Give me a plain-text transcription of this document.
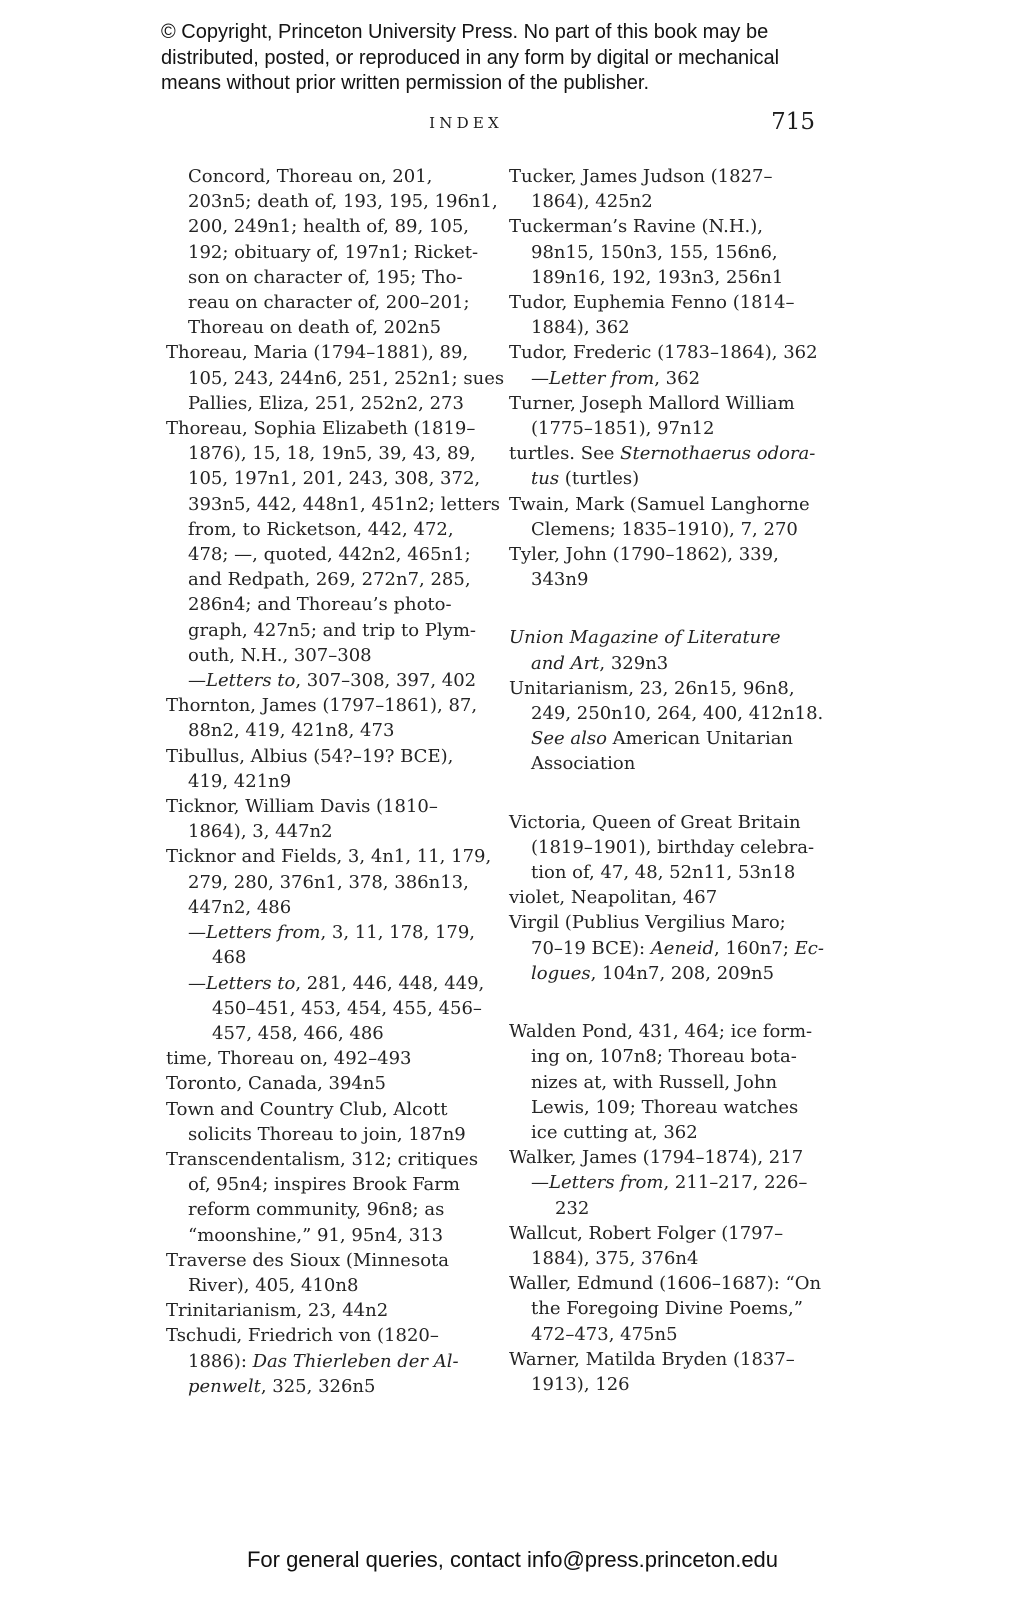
© Copyright, Princeton University Press. No part of this book may be
distributed, posted, or reproduced in any form by digital or mechanical
means without prior written permission of the publisher.
INDEX	715
Concord, Thoreau on, 201,
203n5; death of, 193, 195, 196n1,
200, 249n1; health of, 89, 105,
192; obituary of, 197n1; Ricket-
son on character of, 195; Tho-
reau on character of, 200–201;
Thoreau on death of, 202n5
Thoreau, Maria (1794–1881), 89,
105, 243, 244n6, 251, 252n1; sues
Pallies, Eliza, 251, 252n2, 273
Thoreau, Sophia Elizabeth (1819–
1876), 15, 18, 19n5, 39, 43, 89,
105, 197n1, 201, 243, 308, 372,
393n5, 442, 448n1, 451n2; letters
from, to Ricketson, 442, 472,
478; —, quoted, 442n2, 465n1;
and Redpath, 269, 272n7, 285,
286n4; and Thoreau’s photo-
graph, 427n5; and trip to Plym-
outh, N.H., 307–308
—Letters to, 307–308, 397, 402
Thornton, James (1797–1861), 87,
88n2, 419, 421n8, 473
Tibullus, Albius (54?–19? BCE),
419, 421n9
Ticknor, William Davis (1810–
1864), 3, 447n2
Ticknor and Fields, 3, 4n1, 11, 179,
279, 280, 376n1, 378, 386n13,
447n2, 486
—Letters from, 3, 11, 178, 179,
468
—Letters to, 281, 446, 448, 449,
450–451, 453, 454, 455, 456–
457, 458, 466, 486
time, Thoreau on, 492–493
Toronto, Canada, 394n5
Town and Country Club, Alcott
solicits Thoreau to join, 187n9
Transcendentalism, 312; critiques
of, 95n4; inspires Brook Farm
reform community, 96n8; as
“moonshine,” 91, 95n4, 313
Traverse des Sioux (Minnesota
River), 405, 410n8
Trinitarianism, 23, 44n2
Tschudi, Friedrich von (1820–
1886): Das Thierleben der Al-
penwelt, 325, 326n5
Tucker, James Judson (1827–
1864), 425n2
Tuckerman’s Ravine (N.H.),
98n15, 150n3, 155, 156n6,
189n16, 192, 193n3, 256n1
Tudor, Euphemia Fenno (1814–
1884), 362
Tudor, Frederic (1783–1864), 362
—Letter from, 362
Turner, Joseph Mallord William
(1775–1851), 97n12
turtles. See Sternothaerus odora-
tus (turtles)
Twain, Mark (Samuel Langhorne
Clemens; 1835–1910), 7, 270
Tyler, John (1790–1862), 339,
343n9
Union Magazine of Literature
and Art, 329n3
Unitarianism, 23, 26n15, 96n8,
249, 250n10, 264, 400, 412n18.
See also American Unitarian
Association
Victoria, Queen of Great Britain
(1819–1901), birthday celebra-
tion of, 47, 48, 52n11, 53n18
violet, Neapolitan, 467
Virgil (Publius Vergilius Maro;
70–19 BCE): Aeneid, 160n7; Ec-
logues, 104n7, 208, 209n5
Walden Pond, 431, 464; ice form-
ing on, 107n8; Thoreau bota-
nizes at, with Russell, John
Lewis, 109; Thoreau watches
ice cutting at, 362
Walker, James (1794–1874), 217
—Letters from, 211–217, 226–
232
Wallcut, Robert Folger (1797–
1884), 375, 376n4
Waller, Edmund (1606–1687): “On
the Foregoing Divine Poems,”
472–473, 475n5
Warner, Matilda Bryden (1837–
1913), 126
For general queries, contact info@press.princeton.edu
